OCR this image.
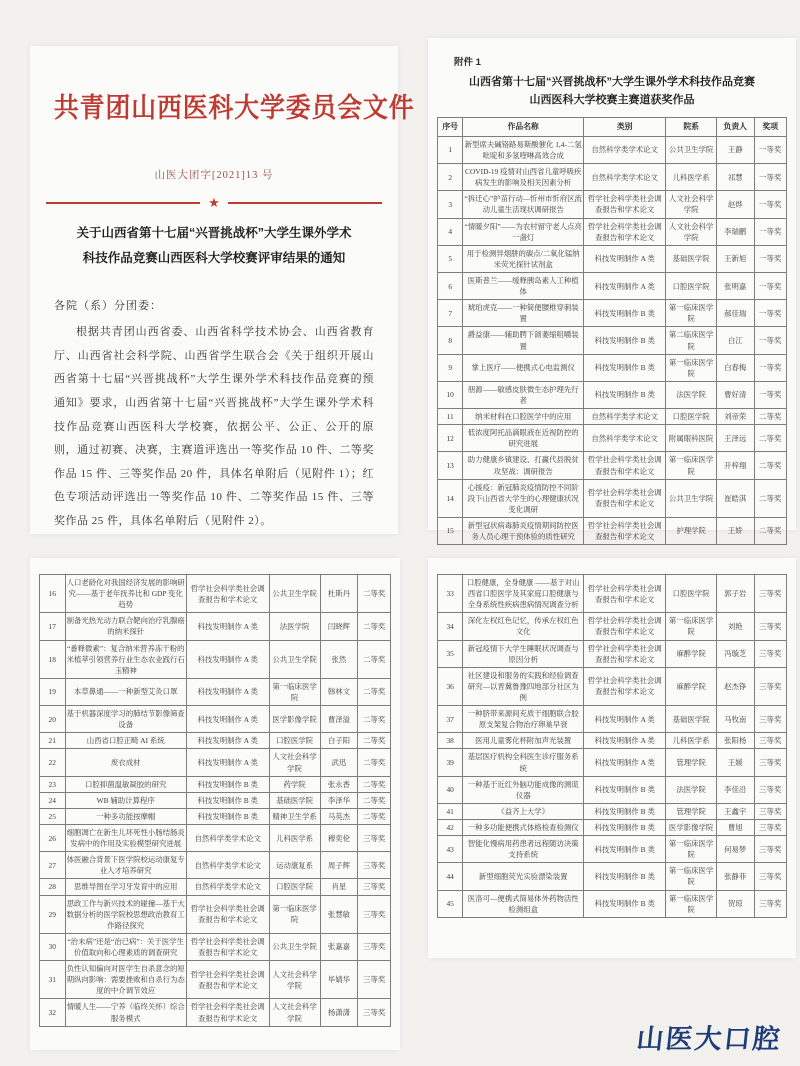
共青团山西医科大学委员会文件
山医大团字[2021]13 号
★
关于山西省第十七届“兴晋挑战杯”大学生课外学术
科技作品竞赛山西医科大学校赛评审结果的通知
各院（系）分团委：
根据共青团山西省委、山西省科学技术协会、山西省教育厅、山西省社会科学院、山西省学生联合会《关于组织开展山西省第十七届“兴晋挑战杯”大学生课外学术科技作品竞赛的预通知》要求，山西省第十七届“兴晋挑战杯”大学生课外学术科技作品竞赛山西医科大学校赛，依据公平、公正、公开的原则，通过初赛、决赛，主赛道评选出一等奖作品 10 件、二等奖作品 15 件、三等奖作品 20 件，具体名单附后（见附件 1）；红色专项活动评选出一等奖作品 10 件、二等奖作品 15 件、三等奖作品 25 件，具体名单附后（见附件 2）。
附件 1
山西省第十七届“兴晋挑战杯”大学生课外学术科技作品竞赛
山西医科大学校赛主赛道获奖作品
序号	作品名称	类别	院系	负责人	奖项
1	新型席夫碱铬路易斯酸催化 1,4-二氢吡啶和多氢喹啉高效合成	自然科学类学术论文	公共卫生学院	王静	一等奖
2	COVID-19 疫情对山西省儿童呼吸疾病发生的影响及相关因素分析	自然科学类学术论文	儿科医学系	祁慧	一等奖
3	“拆迁心”护苗行动—忻州市忻府区流动儿童生活现状调研报告	哲学社会科学类社会调查报告和学术论文	人文社会科学学院	赵烨	一等奖
4	“情暖夕阳”——为农村留守老人点亮一盏灯	哲学社会科学类社会调查报告和学术论文	人文社会科学学院	李瑞鹏	一等奖
5	用于检测异烟肼的碳点/二氧化锰纳米荧光探针试剂盒	科技发明制作 A 类	基础医学院	王新旭	一等奖
6	医斯普兰——缓释胰岛素人工种植体	科技发明制作 A 类	口腔医学院	张明嘉	一等奖
7	琥珀虎克——一种简便腰椎穿刺装置	科技发明制作 B 类	第一临床医学院	郝佳瑞	一等奖
8	爵益康——辅助腭下颌萎缩咀嚼装置	科技发明制作 B 类	第二临床医学院	白江	一等奖
9	掌上医疗——便携式心电监测仪	科技发明制作 B 类	第一临床医学院	白春梅	一等奖
10	朋源——敏感皮肤微生态护理先行者	科技发明制作 B 类	法医学院	曹好清	一等奖
11	纳米材料在口腔医学中的应用	自然科学类学术论文	口腔医学院	刘帝荣	二等奖
12	低浓度阿托品滴眼液在近视防控的研究进展	自然科学类学术论文	附属眼科医院	王泽远	二等奖
13	助力健康乡镇建设、打赢代县脱贫攻坚战：调研报告	哲学社会科学类社会调查报告和学术论文	第一临床医学院	开梓翔	二等奖
14	心援疫：新冠肺炎疫情防控不同阶段下山西省大学生的心理健康状况变化调研	哲学社会科学类社会调查报告和学术论文	公共卫生学院	崔皓淇	二等奖
15	新型冠状病毒肺炎疫情期间防控医务人员心理干预体验的质性研究	哲学社会科学类社会调查报告和学术论文	护理学院	王娇	二等奖
16	人口老龄化对我国经济发展的影响研究——基于老年抚养比和 GDP 变化趋势	哲学社会科学类社会调查报告和学术论文	公共卫生学院	杜斯丹	二等奖
17	制备光热光动力联合靶向治疗乳腺癌的纳米探针	科技发明制作 A 类	法医学院	闫晓辉	二等奖
18	“番释微素”：复合纳米营养冻干粉的米植萃引领营养行业生态农业践行石玉精神	科技发明制作 A 类	公共卫生学院	张然	二等奖
19	本草鼻通——一种新型艾灸口罩	科技发明制作 A 类	第一临床医学院	韩林文	二等奖
20	基于机器深度学习的肺结节影像筛查设备	科技发明制作 A 类	医学影像学院	曹泽溢	二等奖
21	山西省口腔正畸 AI 系统	科技发明制作 A 类	口腔医学院	白子阳	二等奖
22	废衣成材	科技发明制作 A 类	人文社会科学学院	武迅	二等奖
23	口腔抑菌温敏凝胶的研究	科技发明制作 B 类	药学院	张永香	二等奖
24	WB 辅助计算程序	科技发明制作 B 类	基础医学院	李泽华	二等奖
25	一种多功能按摩帽	科技发明制作 B 类	精神卫生学系	马英杰	二等奖
26	细胞凋亡在新生儿坏死性小肠结肠炎发病中的作用及实验模型研究进展	自然科学类学术论文	儿科医学系	穆奕伦	三等奖
27	体医融合背景下医学院校运动康复专业人才培养研究	自然科学类学术论文	运动康复系	周子辉	三等奖
28	思维导图在学习牙发育中的应用	自然科学类学术论文	口腔医学院	肖星	三等奖
29	思政工作与新兴技术的碰撞—基于大数据分析的医学院校思想政治教育工作路径探究	哲学社会科学类社会调查报告和学术论文	第一临床医学院	张慧敏	三等奖
30	“治未病”还是“治已病”：关于医学生价值取向和心理素质的调查研究	哲学社会科学类社会调查报告和学术论文	公共卫生学院	张嘉嘉	三等奖
31	负性认知偏向对医学生自杀意念的短期纵向影响：需要挫败和自杀行为态度的中介调节效应	哲学社会科学类社会调查报告和学术论文	人文社会科学学院	毕婧华	三等奖
32	情暖人生——宁养（临终关怀）综合服务模式	哲学社会科学类社会调查报告和学术论文	人文社会科学学院	杨潇潇	三等奖
33	口腔健康，全身健康 ——基于对山西省口腔医学及其家庭口腔健康与全身系统性疾病患病情况调查分析	哲学社会科学类社会调查报告和学术论文	口腔医学院	郭子岩	三等奖
34	深化左权红色记忆，传承左权红色文化	哲学社会科学类社会调查报告和学术论文	第一临床医学院	刘艳	三等奖
35	新冠疫情下大学生睡眠状况调查与原因分析	哲学社会科学类社会调查报告和学术论文	麻醉学院	冯璇芝	三等奖
36	社区建设和服务的实践和经验调查研究—以晋冀鲁豫四地部分社区为例	哲学社会科学类社会调查报告和学术论文	麻醉学院	赵杰铮	三等奖
37	一种脐带来源间充质干细胞联合胶原支架复合物治疗卵巢早衰	科技发明制作 A 类	基础医学院	马牧南	三等奖
38	医用儿童雾化杯附加声光装置	科技发明制作 A 类	儿科医学系	张阳杨	三等奖
39	基层医疗机构全科医生诊疗服务系统	科技发明制作 A 类	管理学院	王媛	三等奖
40	一种基于近红外脑功能成像的测谎仪器	科技发明制作 B 类	法医学院	李佳沿	三等奖
41	《益齐上大学》	科技发明制作 B 类	管理学院	王鑫宇	三等奖
42	一种多功能便携式体格检查检测仪	科技发明制作 B 类	医学影像学院	曹旭	三等奖
43	智能化慢病用药患者远程随访决策支持系统	科技发明制作 B 类	第一临床医学院	何易梦	三等奖
44	新型细胞荧光实验漂染装置	科技发明制作 B 类	第一临床医学院	张静菲	三等奖
45	医洛可—便携式简易体外药物活性检测组盒	科技发明制作 B 类	第一临床医学院	贺琼	三等奖
山医大口腔
